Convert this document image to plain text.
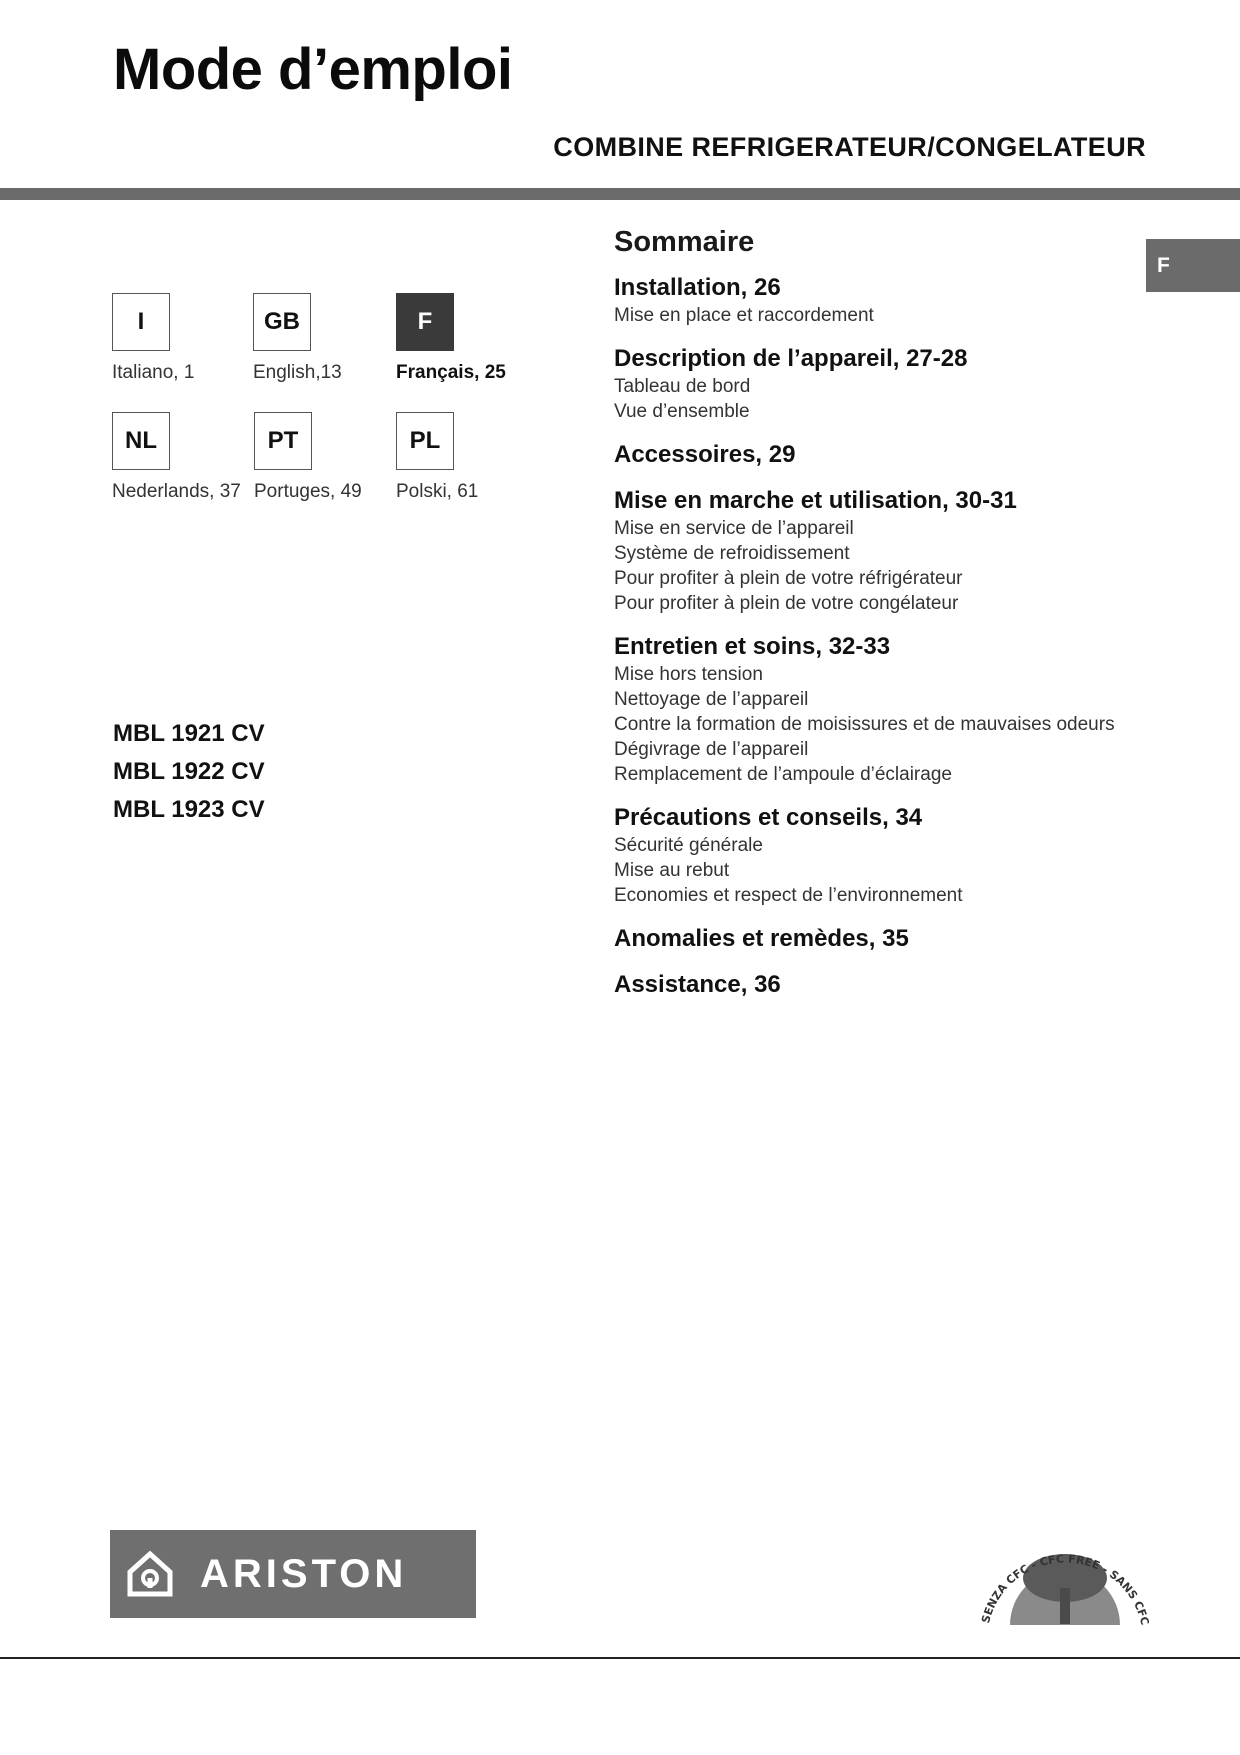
Mode d’emploi
COMBINE REFRIGERATEUR/CONGELATEUR
F
I
Italiano, 1
GB
English,13
F
Français, 25
NL
Nederlands, 37
PT
Portuges, 49
PL
Polski, 61
MBL 1921 CV
MBL 1922 CV
MBL 1923 CV
Sommaire
Installation, 26
Mise en place et raccordement
Description de l’appareil, 27-28
Tableau de bord
Vue d’ensemble
Accessoires, 29
Mise en marche et utilisation, 30-31
Mise en service de l’appareil
Système de refroidissement
Pour profiter à plein de votre réfrigérateur
Pour profiter à plein de votre congélateur
Entretien et soins, 32-33
Mise hors tension
Nettoyage de l’appareil
Contre la formation de moisissures et de mauvaises odeurs
Dégivrage de l’appareil
Remplacement de l’ampoule d’éclairage
Précautions et conseils, 34
Sécurité générale
Mise au rebut
Economies et respect de l’environnement
Anomalies et remèdes, 35
Assistance, 36
ARISTON
SENZA CFC - CFC FREE - SANS CFC
